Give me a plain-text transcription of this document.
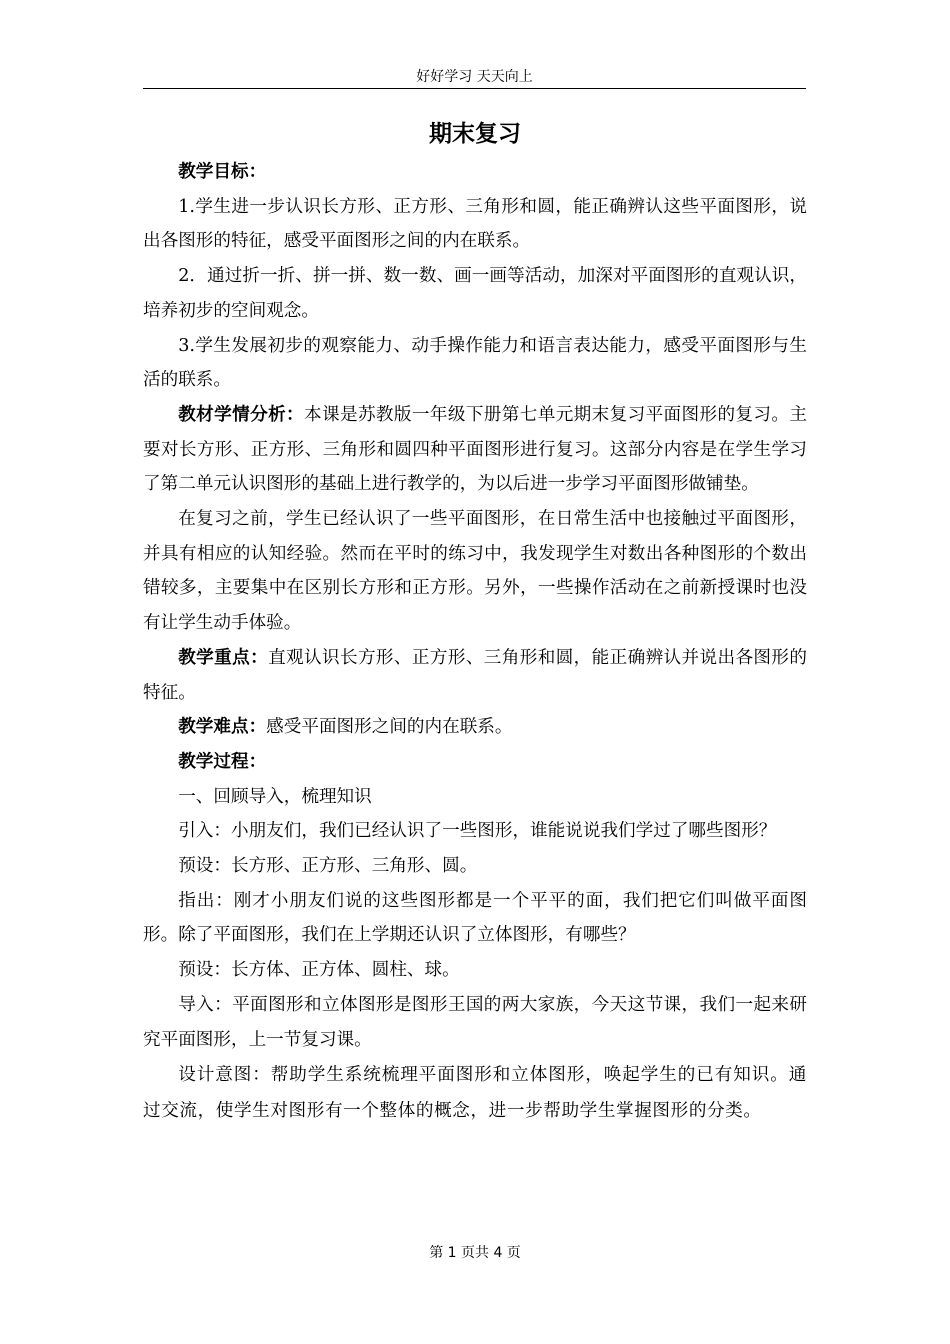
好好学习 天天向上
期末复习

教学目标：

1.学生进一步认识长方形、正方形、三角形和圆，能正确辨认这些平面图形，说出各图形的特征，感受平面图形之间的内在联系。

2．通过折一折、拼一拼、数一数、画一画等活动，加深对平面图形的直观认识，培养初步的空间观念。

3.学生发展初步的观察能力、动手操作能力和语言表达能力，感受平面图形与生活的联系。

教材学情分析：本课是苏教版一年级下册第七单元期末复习平面图形的复习。主要对长方形、正方形、三角形和圆四种平面图形进行复习。这部分内容是在学生学习了第二单元认识图形的基础上进行教学的，为以后进一步学习平面图形做铺垫。

在复习之前，学生已经认识了一些平面图形，在日常生活中也接触过平面图形，并具有相应的认知经验。然而在平时的练习中，我发现学生对数出各种图形的个数出错较多，主要集中在区别长方形和正方形。另外，一些操作活动在之前新授课时也没有让学生动手体验。

教学重点：直观认识长方形、正方形、三角形和圆，能正确辨认并说出各图形的特征。

教学难点：感受平面图形之间的内在联系。

教学过程：

一、回顾导入，梳理知识

引入：小朋友们，我们已经认识了一些图形，谁能说说我们学过了哪些图形？

预设：长方形、正方形、三角形、圆。

指出：刚才小朋友们说的这些图形都是一个平平的面，我们把它们叫做平面图形。除了平面图形，我们在上学期还认识了立体图形，有哪些？

预设：长方体、正方体、圆柱、球。

导入：平面图形和立体图形是图形王国的两大家族，今天这节课，我们一起来研究平面图形，上一节复习课。

设计意图：帮助学生系统梳理平面图形和立体图形，唤起学生的已有知识。通过交流，使学生对图形有一个整体的概念，进一步帮助学生掌握图形的分类。

第 1 页共 4 页
